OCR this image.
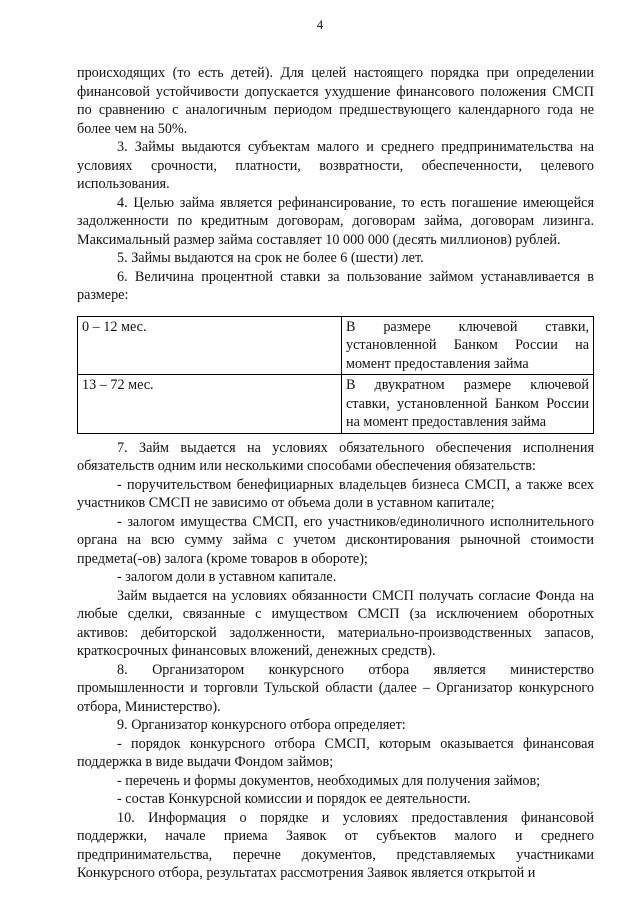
4

происходящих (то есть детей). Для целей настоящего порядка при определении финансовой устойчивости допускается ухудшение финансового положения СМСП по сравнению с аналогичным периодом предшествующего календарного года не более чем на 50%.

3. Займы выдаются субъектам малого и среднего предпринимательства на условиях срочности, платности, возвратности, обеспеченности, целевого использования.

4. Целью займа является рефинансирование, то есть погашение имеющейся задолженности по кредитным договорам, договорам займа, договорам лизинга. Максимальный размер займа составляет 10 000 000 (десять миллионов) рублей.

5. Займы выдаются на срок не более 6 (шести) лет.

6. Величина процентной ставки за пользование займом устанавливается в размере:

0 – 12 мес.	В размере ключевой ставки, установленной Банком России на момент предоставления займа
13 – 72 мес.	В двукратном размере ключевой ставки, установленной Банком России на момент предоставления займа

7. Займ выдается на условиях обязательного обеспечения исполнения обязательств одним или несколькими способами обеспечения обязательств:

- поручительством бенефициарных владельцев бизнеса СМСП, а также всех участников СМСП не зависимо от объема доли в уставном капитале;

- залогом имущества СМСП, его участников/единоличного исполнительного органа на всю сумму займа с учетом дисконтирования рыночной стоимости предмета(-ов) залога (кроме товаров в обороте);

- залогом доли в уставном капитале.

Займ выдается на условиях обязанности СМСП получать согласие Фонда на любые сделки, связанные с имуществом СМСП (за исключением оборотных активов: дебиторской задолженности, материально-производственных запасов, краткосрочных финансовых вложений, денежных средств).

8. Организатором конкурсного отбора является министерство промышленности и торговли Тульской области (далее – Организатор конкурсного отбора, Министерство).

9. Организатор конкурсного отбора определяет:

- порядок конкурсного отбора СМСП, которым оказывается финансовая поддержка в виде выдачи Фондом займов;

- перечень и формы документов, необходимых для получения займов;

- состав Конкурсной комиссии и порядок ее деятельности.

10. Информация о порядке и условиях предоставления финансовой поддержки, начале приема Заявок от субъектов малого и среднего предпринимательства, перечне документов, представляемых участниками Конкурсного отбора, результатах рассмотрения Заявок является открытой и
